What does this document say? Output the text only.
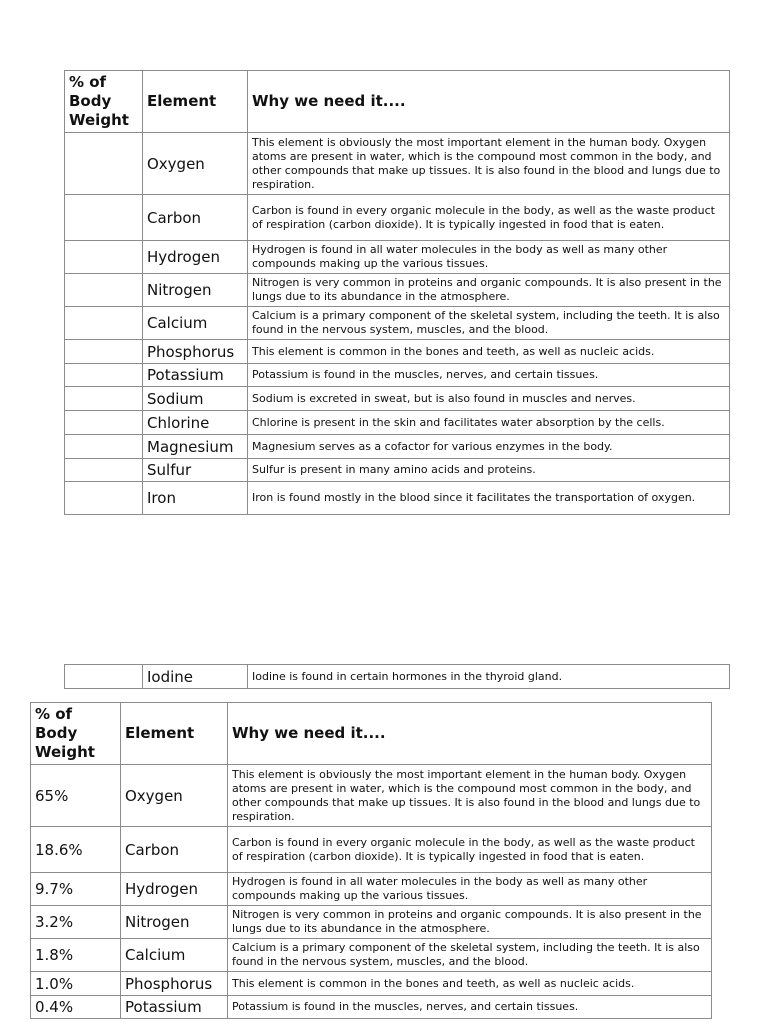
% of Body Weight	Element	Why we need it....
	Oxygen	This element is obviously the most important element in the human body. Oxygen atoms are present in water, which is the compound most common in the body, and other compounds that make up tissues. It is also found in the blood and lungs due to respiration.
	Carbon	Carbon is found in every organic molecule in the body, as well as the waste product of respiration (carbon dioxide). It is typically ingested in food that is eaten.
	Hydrogen	Hydrogen is found in all water molecules in the body as well as many other compounds making up the various tissues.
	Nitrogen	Nitrogen is very common in proteins and organic compounds. It is also present in the lungs due to its abundance in the atmosphere.
	Calcium	Calcium is a primary component of the skeletal system, including the teeth. It is also found in the nervous system, muscles, and the blood.
	Phosphorus	This element is common in the bones and teeth, as well as nucleic acids.
	Potassium	Potassium is found in the muscles, nerves, and certain tissues.
	Sodium	Sodium is excreted in sweat, but is also found in muscles and nerves.
	Chlorine	Chlorine is present in the skin and facilitates water absorption by the cells.
	Magnesium	Magnesium serves as a cofactor for various enzymes in the body.
	Sulfur	Sulfur is present in many amino acids and proteins.
	Iron	Iron is found mostly in the blood since it facilitates the transportation of oxygen.
	Iodine	Iodine is found in certain hormones in the thyroid gland.
% of Body Weight	Element	Why we need it....
65%	Oxygen	This element is obviously the most important element in the human body. Oxygen atoms are present in water, which is the compound most common in the body, and other compounds that make up tissues. It is also found in the blood and lungs due to respiration.
18.6%	Carbon	Carbon is found in every organic molecule in the body, as well as the waste product of respiration (carbon dioxide). It is typically ingested in food that is eaten.
9.7%	Hydrogen	Hydrogen is found in all water molecules in the body as well as many other compounds making up the various tissues.
3.2%	Nitrogen	Nitrogen is very common in proteins and organic compounds. It is also present in the lungs due to its abundance in the atmosphere.
1.8%	Calcium	Calcium is a primary component of the skeletal system, including the teeth. It is also found in the nervous system, muscles, and the blood.
1.0%	Phosphorus	This element is common in the bones and teeth, as well as nucleic acids.
0.4%	Potassium	Potassium is found in the muscles, nerves, and certain tissues.
